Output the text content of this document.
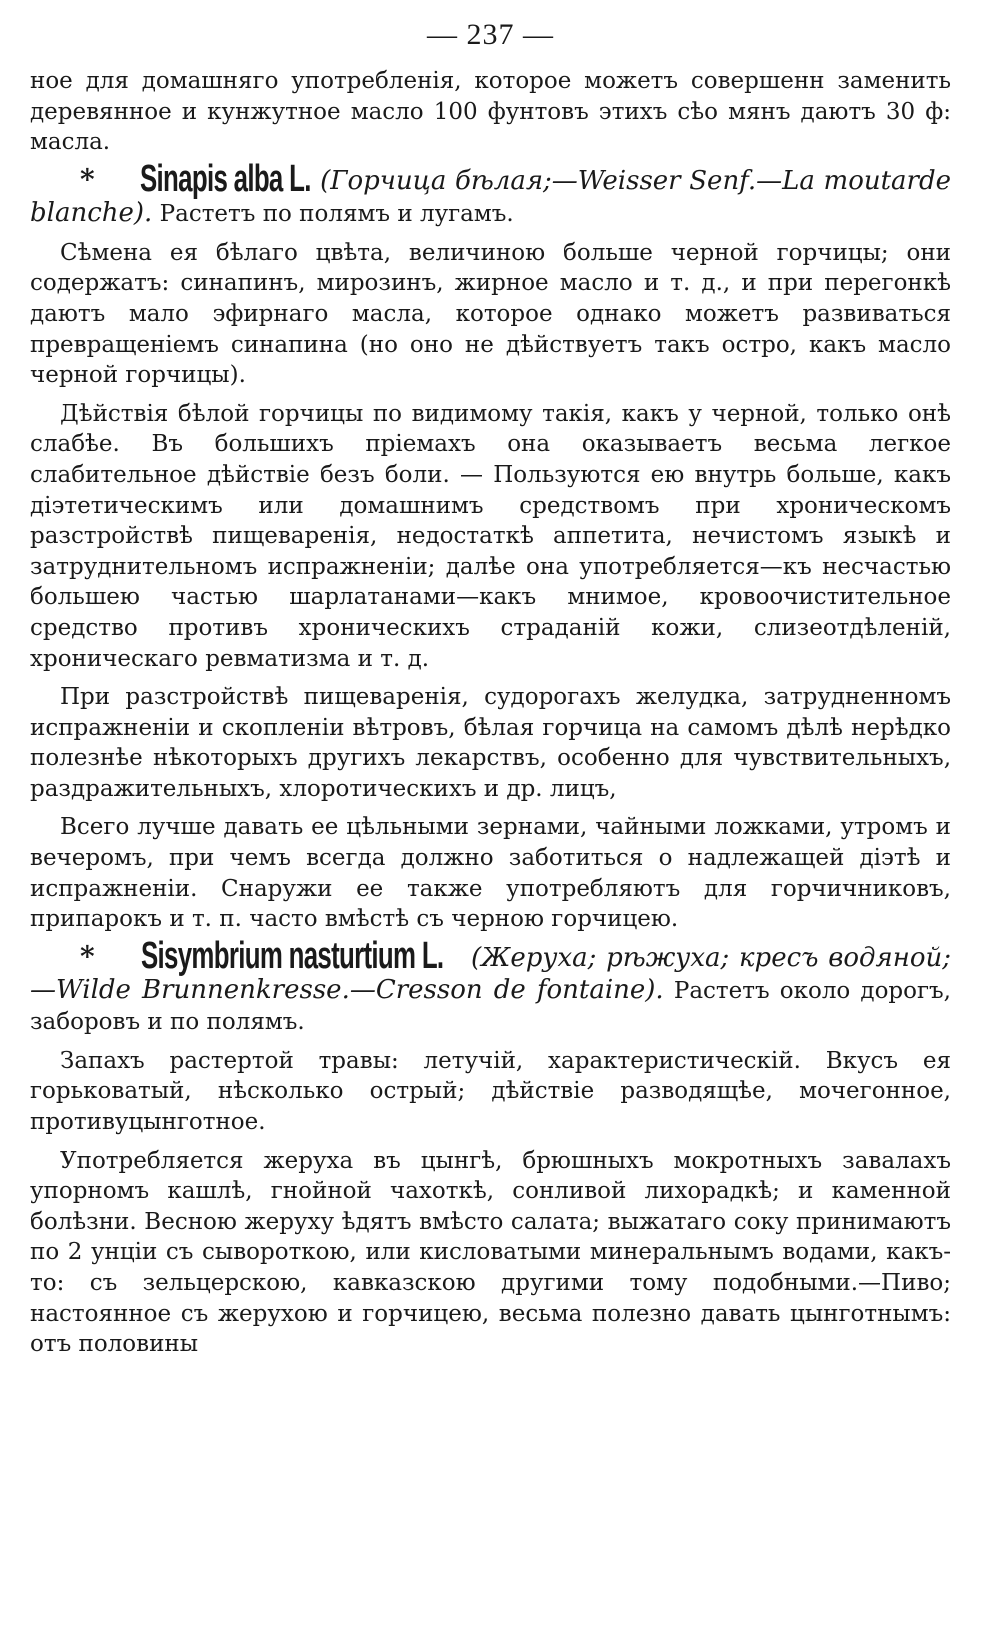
— 237 —

ное для домашняго употребленія, которое можетъ совершенн заменить деревянное и кунжутное масло 100 фунтовъ этихъ сѣо мянъ даютъ 30 ф: масла.

* Sinapis alba L. (Горчица бѣлая;—Weisser Senf.—La moutarde blanche). Растетъ по полямъ и лугамъ.

Сѣмена ея бѣлаго цвѣта, величиною больше черной горчицы; они содержатъ: синапинъ, мирозинъ, жирное масло и т. д., и при перегонкѣ даютъ мало эфирнаго масла, которое однако можетъ развиваться превращеніемъ синапина (но оно не дѣйствуетъ такъ остро, какъ масло черной горчицы).

Дѣйствія бѣлой горчицы по видимому такія, какъ у черной, только онѣ слабѣе. Въ большихъ пріемахъ она оказываетъ весьма легкое слабительное дѣйствіе безъ боли. — Пользуются ею внутрь больше, какъ діэтетическимъ или домашнимъ средствомъ при хроническомъ разстройствѣ пищеваренія, недостаткѣ аппетита, нечистомъ языкѣ и затруднительномъ испражненіи; далѣе она употребляется—къ несчастью большею частью шарлатанами—какъ мнимое, кровоочистительное средство противъ хроническихъ страданій кожи, слизеотдѣленій, хроническаго ревматизма и т. д.

При разстройствѣ пищеваренія, судорогахъ желудка, затрудненномъ испражненіи и скопленіи вѣтровъ, бѣлая горчица на самомъ дѣлѣ нерѣдко полезнѣе нѣкоторыхъ другихъ лекарствъ, особенно для чувствительныхъ, раздражительныхъ, хлоротическихъ и др. лицъ,

Всего лучше давать ее цѣльными зернами, чайными ложками, утромъ и вечеромъ, при чемъ всегда должно заботиться о надлежащей діэтѣ и испражненіи. Снаружи ее также употребляютъ для горчичниковъ, припарокъ и т. п. часто вмѣстѣ съ черною горчицею.

* Sisymbrium nasturtium L. (Жеруха; рѣжуха; кресъ водяной;—Wilde Brunnenkresse.—Cresson de fontaine). Растетъ около дорогъ, заборовъ и по полямъ.

Запахъ растертой травы: летучій, характеристическій. Вкусъ ея горьковатый, нѣсколько острый; дѣйствіе разводящѣе, мочегонное, противуцынготное.

Употребляется жеруха въ цынгѣ, брюшныхъ мокротныхъ завалахъ упорномъ кашлѣ, гнойной чахоткѣ, сонливой лихорадкѣ; и каменной болѣзни. Весною жеруху ѣдятъ вмѣсто салата; выжатаго соку принимаютъ по 2 унціи съ сывороткою, или кисловатыми минеральнымъ водами, какъ-то: съ зельцерскою, кавказскою другими тому подобными.—Пиво; настоянное съ жерухою и горчицею, весьма полезно давать цынготнымъ: отъ половины
